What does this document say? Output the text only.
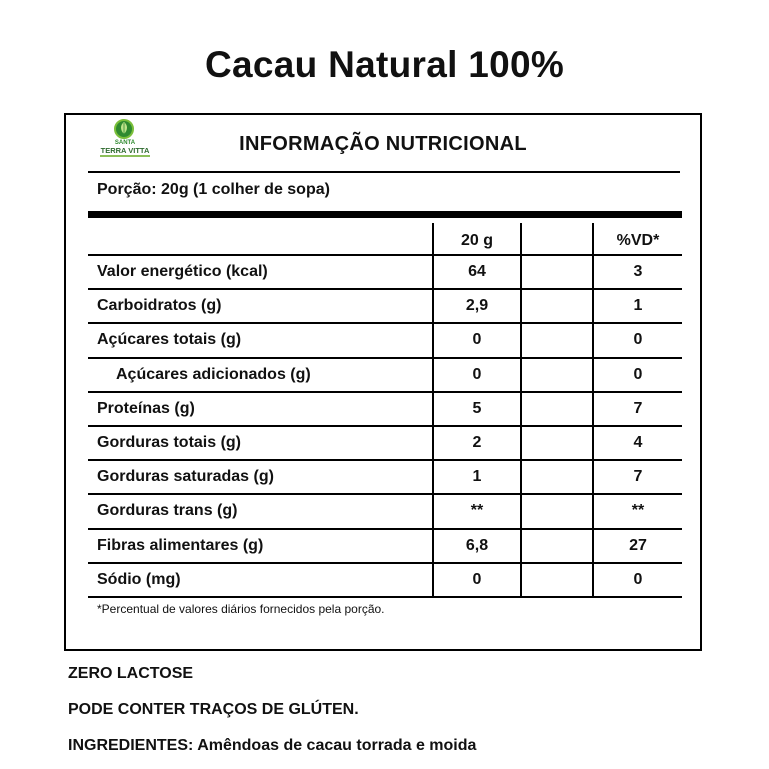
Cacau Natural 100%
SANTA
TERRA VITTA	INFORMAÇÃO NUTRICIONAL
Porção: 20g (1 colher de sopa)
20 g	%VD*
Valor energético (kcal)	64	3
Carboidratos (g)	2,9	1
Açúcares totais (g)	0	0
Açúcares adicionados (g)	0	0
Proteínas (g)	5	7
Gorduras totais (g)	2	4
Gorduras saturadas (g)	1	7
Gorduras trans (g)	**	**
Fibras alimentares (g)	6,8	27
Sódio (mg)	0	0
*Percentual de valores diários fornecidos pela porção.
ZERO LACTOSE
PODE CONTER TRAÇOS DE GLÚTEN.
INGREDIENTES: Amêndoas de cacau torrada e moida
